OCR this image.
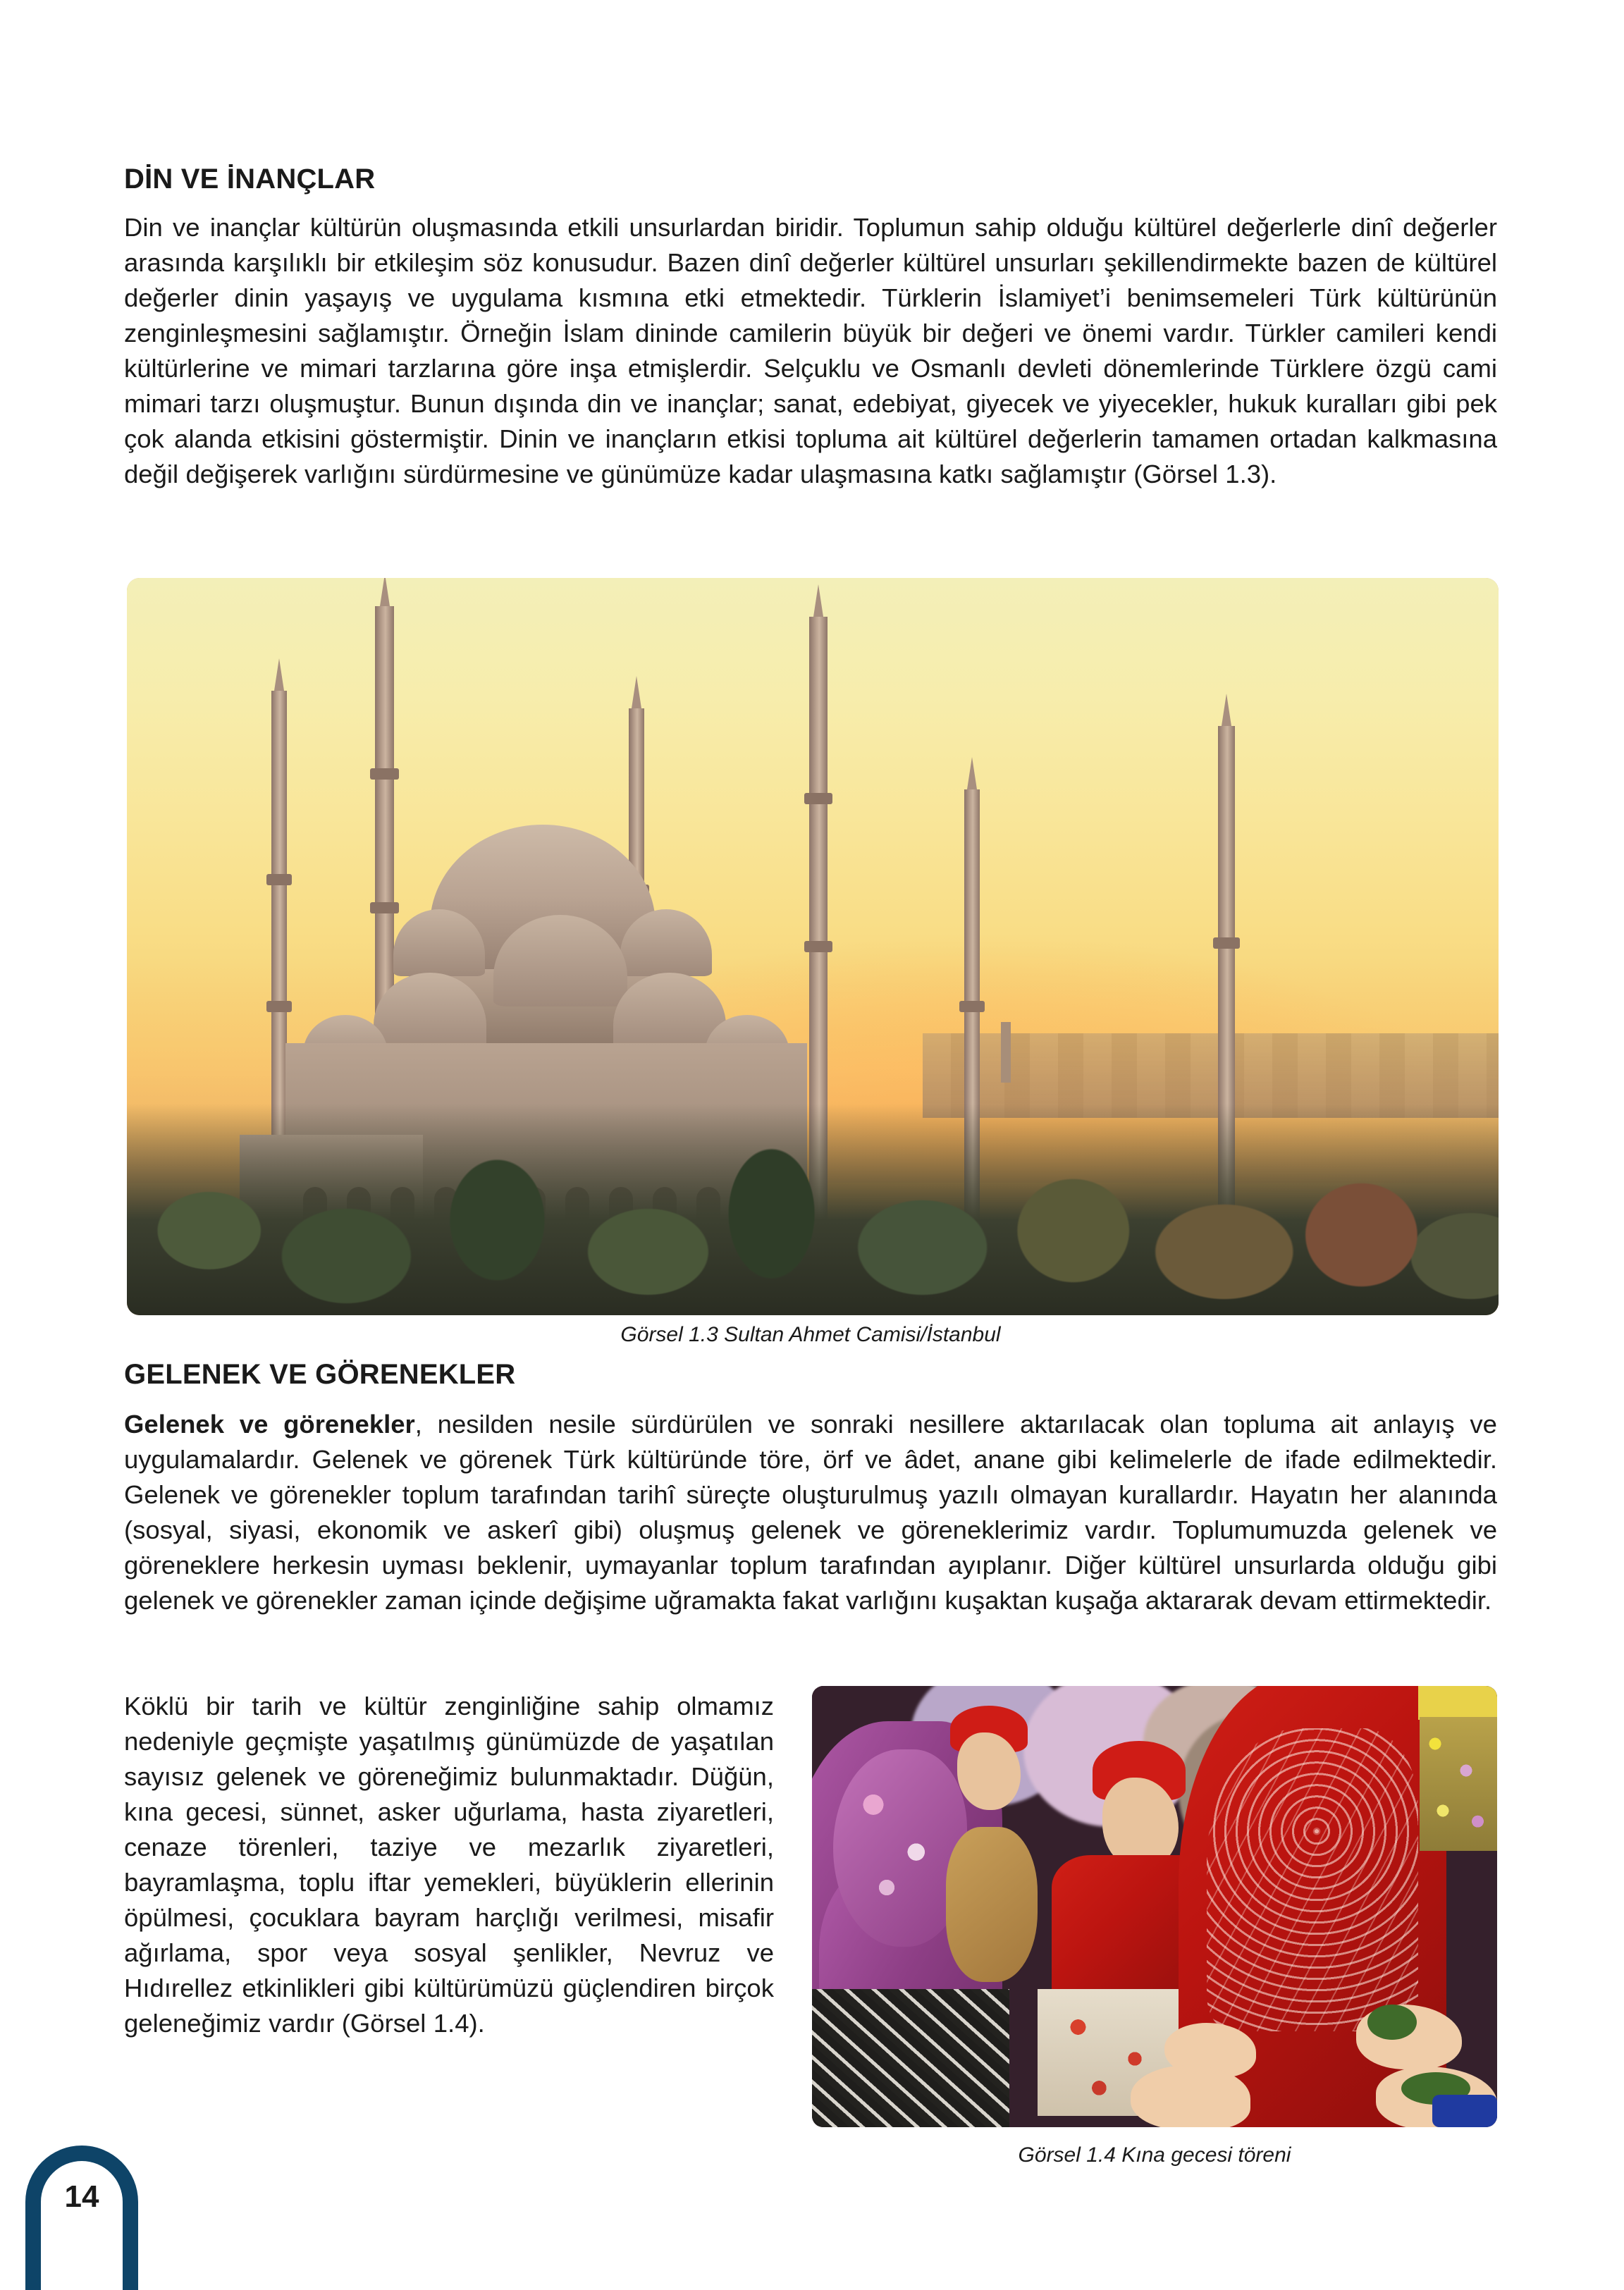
DİN VE İNANÇLAR

Din ve inançlar kültürün oluşmasında etkili unsurlardan biridir. Toplumun sahip olduğu kültürel değerlerle dinî değerler arasında karşılıklı bir etkileşim söz konusudur. Bazen dinî değerler kültürel unsurları şekillendirmekte bazen de kültürel değerler dinin yaşayış ve uygulama kısmına etki etmektedir. Türklerin İslamiyet’i benimsemeleri Türk kültürünün zenginleşmesini sağlamıştır. Örneğin İslam dininde camilerin büyük bir değeri ve önemi vardır. Türkler camileri kendi kültürlerine ve mimari tarzlarına göre inşa etmişlerdir. Selçuklu ve Osmanlı devleti dönemlerinde Türklere özgü cami mimari tarzı oluşmuştur. Bunun dışında din ve inançlar; sanat, edebiyat, giyecek ve yiyecekler, hukuk kuralları gibi pek çok alanda etkisini göstermiştir. Dinin ve inançların etkisi topluma ait kültürel değerlerin tamamen ortadan kalkmasına değil değişerek varlığını sürdürmesine ve günümüze kadar ulaşmasına katkı sağlamıştır (Görsel 1.3).

Görsel 1.3 Sultan Ahmet Camisi/İstanbul

GELENEK VE GÖRENEKLER

Gelenek ve görenekler, nesilden nesile sürdürülen ve sonraki nesillere aktarılacak olan topluma ait anlayış ve uygulamalardır. Gelenek ve görenek Türk kültüründe töre, örf ve âdet, anane gibi kelimelerle de ifade edilmektedir. Gelenek ve görenekler toplum tarafından tarihî süreçte oluşturulmuş yazılı olmayan kurallardır. Hayatın her alanında (sosyal, siyasi, ekonomik ve askerî gibi) oluşmuş gelenek ve göreneklerimiz vardır. Toplumumuzda gelenek ve göreneklere herkesin uyması beklenir, uymayanlar toplum tarafından ayıplanır. Diğer kültürel unsurlarda olduğu gibi gelenek ve görenekler zaman içinde değişime uğramakta fakat varlığını kuşaktan kuşağa aktararak devam ettirmektedir.

Köklü bir tarih ve kültür zenginliğine sahip olmamız nedeniyle geçmişte yaşatılmış günümüzde de yaşatılan sayısız gelenek ve göreneğimiz bulunmaktadır. Düğün, kına gecesi, sünnet, asker uğurlama, hasta ziyaretleri, cenaze törenleri, taziye ve mezarlık ziyaretleri, bayramlaşma, toplu iftar yemekleri, büyüklerin ellerinin öpülmesi, çocuklara bayram harçlığı verilmesi, misafir ağırlama, spor veya sosyal şenlikler, Nevruz ve Hıdırellez etkinlikleri gibi kültürümüzü güçlendiren birçok geleneğimiz vardır (Görsel 1.4).

Görsel 1.4 Kına gecesi töreni

14
